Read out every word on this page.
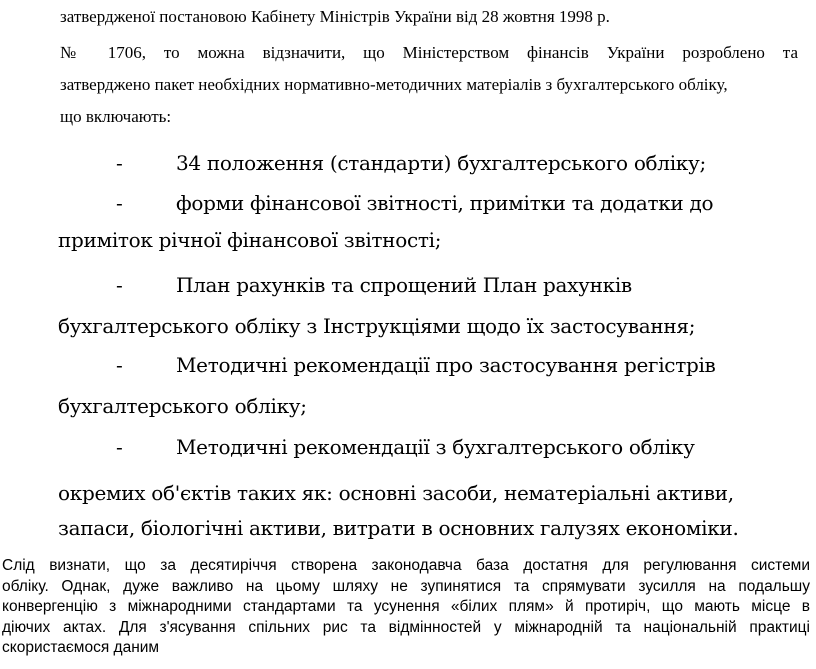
затвердженої постановою Кабінету Міністрів України від 28 жовтня 1998 р.
№ 1706, то можна відзначити, що Міністерством фінансів України розроблено та
затверджено пакет необхідних нормативно-методичних матеріалів з бухгалтерського обліку,
що включають:
-	34 положення (стандарти) бухгалтерського обліку;
-	форми фінансової звітності, примітки та додатки до
приміток річної фінансової звітності;
-	План рахунків та спрощений План рахунків
бухгалтерського обліку з Інструкціями щодо їх застосування;
-	Методичні рекомендації про застосування регістрів
бухгалтерського обліку;
-	Методичні рекомендації з бухгалтерського обліку
окремих об'єктів таких як: основні засоби, нематеріальні активи,
запаси, біологічні активи, витрати в основних галузях економіки.
Слід визнати, що за десятиріччя створена законодавча база достатня для регулювання системи
обліку. Однак, дуже важливо на цьому шляху не зупинятися та спрямувати зусилля на подальшу
конвергенцію з міжнародними стандартами та усунення «білих плям» й протиріч, що мають місце в
діючих актах. Для з'ясування спільних рис та відмінностей у міжнародній та національній практиці
скористаємося даним
